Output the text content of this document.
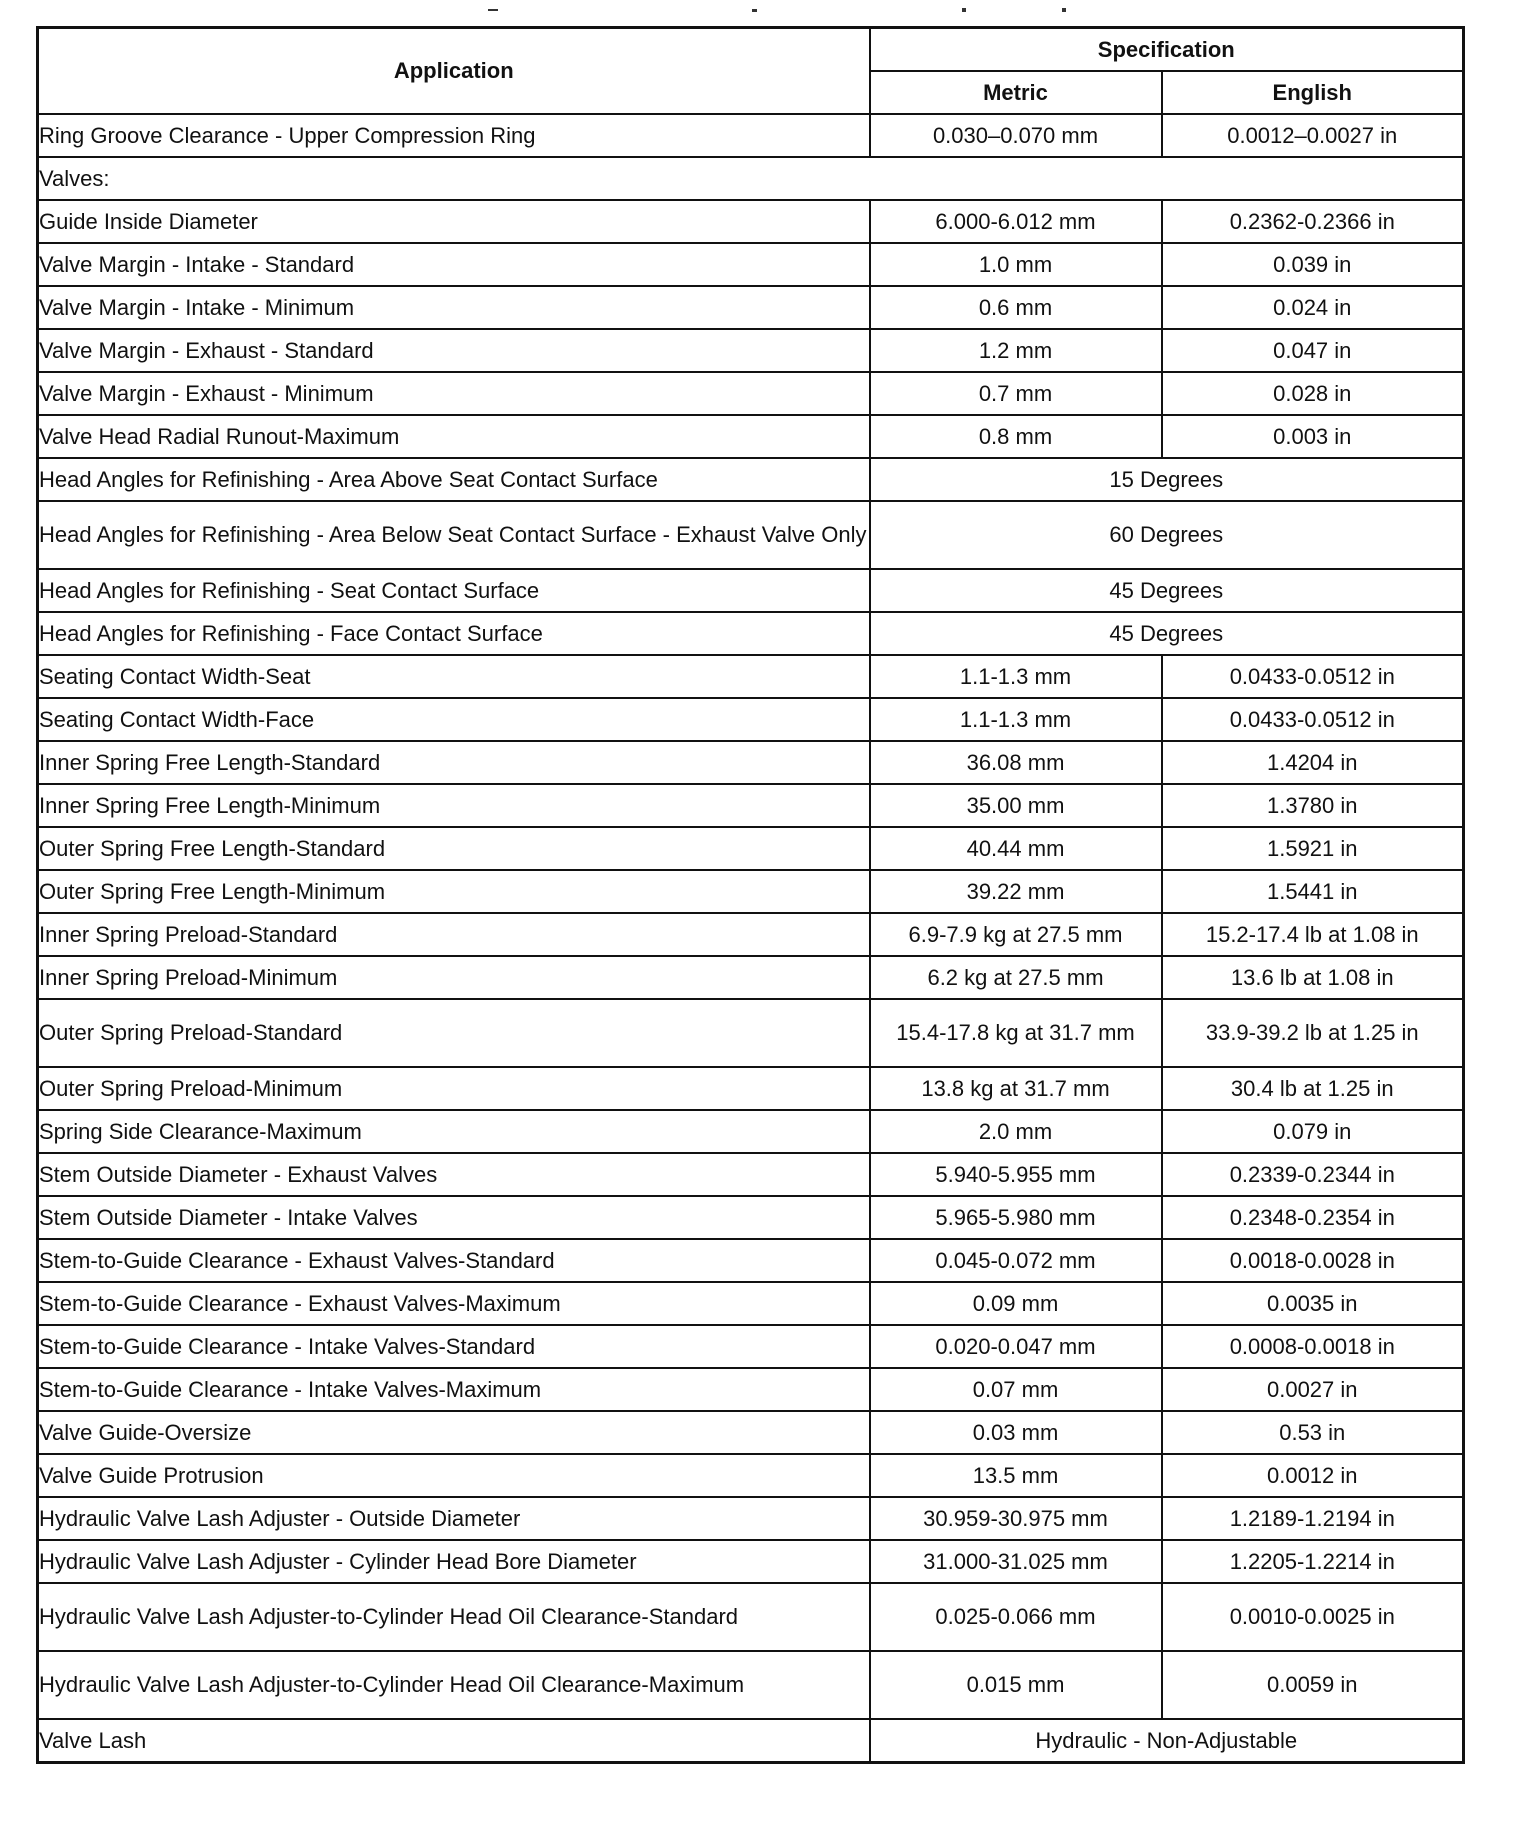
Application	Specification	
	Metric	English
Ring Groove Clearance - Upper Compression Ring	0.030–0.070 mm	0.0012–0.0027 in
Valves:		
Guide Inside Diameter	6.000-6.012 mm	0.2362-0.2366 in
Valve Margin - Intake - Standard	1.0 mm	0.039 in
Valve Margin - Intake - Minimum	0.6 mm	0.024 in
Valve Margin - Exhaust - Standard	1.2 mm	0.047 in
Valve Margin - Exhaust - Minimum	0.7 mm	0.028 in
Valve Head Radial Runout-Maximum	0.8 mm	0.003 in
Head Angles for Refinishing - Area Above Seat Contact Surface	15 Degrees	
Head Angles for Refinishing - Area Below Seat Contact Surface - Exhaust Valve Only	60 Degrees	
Head Angles for Refinishing - Seat Contact Surface	45 Degrees	
Head Angles for Refinishing - Face Contact Surface	45 Degrees	
Seating Contact Width-Seat	1.1-1.3 mm	0.0433-0.0512 in
Seating Contact Width-Face	1.1-1.3 mm	0.0433-0.0512 in
Inner Spring Free Length-Standard	36.08 mm	1.4204 in
Inner Spring Free Length-Minimum	35.00 mm	1.3780 in
Outer Spring Free Length-Standard	40.44 mm	1.5921 in
Outer Spring Free Length-Minimum	39.22 mm	1.5441 in
Inner Spring Preload-Standard	6.9-7.9 kg at 27.5 mm	15.2-17.4 lb at 1.08 in
Inner Spring Preload-Minimum	6.2 kg at 27.5 mm	13.6 lb at 1.08 in
Outer Spring Preload-Standard	15.4-17.8 kg at 31.7 mm	33.9-39.2 lb at 1.25 in
Outer Spring Preload-Minimum	13.8 kg at 31.7 mm	30.4 lb at 1.25 in
Spring Side Clearance-Maximum	2.0 mm	0.079 in
Stem Outside Diameter - Exhaust Valves	5.940-5.955 mm	0.2339-0.2344 in
Stem Outside Diameter - Intake Valves	5.965-5.980 mm	0.2348-0.2354 in
Stem-to-Guide Clearance - Exhaust Valves-Standard	0.045-0.072 mm	0.0018-0.0028 in
Stem-to-Guide Clearance - Exhaust Valves-Maximum	0.09 mm	0.0035 in
Stem-to-Guide Clearance - Intake Valves-Standard	0.020-0.047 mm	0.0008-0.0018 in
Stem-to-Guide Clearance - Intake Valves-Maximum	0.07 mm	0.0027 in
Valve Guide-Oversize	0.03 mm	0.53 in
Valve Guide Protrusion	13.5 mm	0.0012 in
Hydraulic Valve Lash Adjuster - Outside Diameter	30.959-30.975 mm	1.2189-1.2194 in
Hydraulic Valve Lash Adjuster - Cylinder Head Bore Diameter	31.000-31.025 mm	1.2205-1.2214 in
Hydraulic Valve Lash Adjuster-to-Cylinder Head Oil Clearance-Standard	0.025-0.066 mm	0.0010-0.0025 in
Hydraulic Valve Lash Adjuster-to-Cylinder Head Oil Clearance-Maximum	0.015 mm	0.0059 in
Valve Lash	Hydraulic - Non-Adjustable	
